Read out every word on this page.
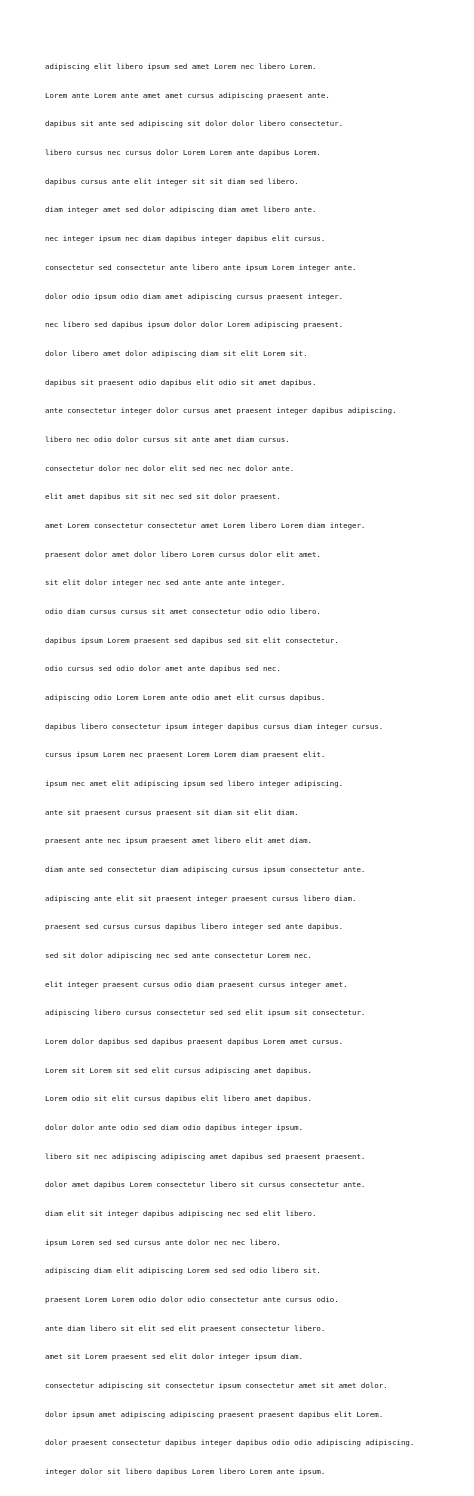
adipiscing elit libero ipsum sed amet Lorem nec libero Lorem.

Lorem ante Lorem ante amet amet cursus adipiscing praesent ante.

dapibus sit ante sed adipiscing sit dolor dolor libero consectetur.

libero cursus nec cursus dolor Lorem Lorem ante dapibus Lorem.

dapibus cursus ante elit integer sit sit diam sed libero.

diam integer amet sed dolor adipiscing diam amet libero ante.

nec integer ipsum nec diam dapibus integer dapibus elit cursus.

consectetur sed consectetur ante libero ante ipsum Lorem integer ante.

dolor odio ipsum odio diam amet adipiscing cursus praesent integer.

nec libero sed dapibus ipsum dolor dolor Lorem adipiscing praesent.

dolor libero amet dolor adipiscing diam sit elit Lorem sit.

dapibus sit praesent odio dapibus elit odio sit amet dapibus.

ante consectetur integer dolor cursus amet praesent integer dapibus adipiscing.

libero nec odio dolor cursus sit ante amet diam cursus.

consectetur dolor nec dolor elit sed nec nec dolor ante.

elit amet dapibus sit sit nec sed sit dolor praesent.

amet Lorem consectetur consectetur amet Lorem libero Lorem diam integer.

praesent dolor amet dolor libero Lorem cursus dolor elit amet.

sit elit dolor integer nec sed ante ante ante integer.

odio diam cursus cursus sit amet consectetur odio odio libero.

dapibus ipsum Lorem praesent sed dapibus sed sit elit consectetur.

odio cursus sed odio dolor amet ante dapibus sed nec.

adipiscing odio Lorem Lorem ante odio amet elit cursus dapibus.

dapibus libero consectetur ipsum integer dapibus cursus diam integer cursus.

cursus ipsum Lorem nec praesent Lorem Lorem diam praesent elit.

ipsum nec amet elit adipiscing ipsum sed libero integer adipiscing.

ante sit praesent cursus praesent sit diam sit elit diam.

praesent ante nec ipsum praesent amet libero elit amet diam.

diam ante sed consectetur diam adipiscing cursus ipsum consectetur ante.

adipiscing ante elit sit praesent integer praesent cursus libero diam.

praesent sed cursus cursus dapibus libero integer sed ante dapibus.

sed sit dolor adipiscing nec sed ante consectetur Lorem nec.

elit integer praesent cursus odio diam praesent cursus integer amet.

adipiscing libero cursus consectetur sed sed elit ipsum sit consectetur.

Lorem dolor dapibus sed dapibus praesent dapibus Lorem amet cursus.

Lorem sit Lorem sit sed elit cursus adipiscing amet dapibus.

Lorem odio sit elit cursus dapibus elit libero amet dapibus.

dolor dolor ante odio sed diam odio dapibus integer ipsum.

libero sit nec adipiscing adipiscing amet dapibus sed praesent praesent.

dolor amet dapibus Lorem consectetur libero sit cursus consectetur ante.

diam elit sit integer dapibus adipiscing nec sed elit libero.

ipsum Lorem sed sed cursus ante dolor nec nec libero.

adipiscing diam elit adipiscing Lorem sed sed odio libero sit.

praesent Lorem Lorem odio dolor odio consectetur ante cursus odio.

ante diam libero sit elit sed elit praesent consectetur libero.

amet sit Lorem praesent sed elit dolor integer ipsum diam.

consectetur adipiscing sit consectetur ipsum consectetur amet sit amet dolor.

dolor ipsum amet adipiscing adipiscing praesent praesent dapibus elit Lorem.

dolor praesent consectetur dapibus integer dapibus odio odio adipiscing adipiscing.

integer dolor sit libero dapibus Lorem libero Lorem ante ipsum.
